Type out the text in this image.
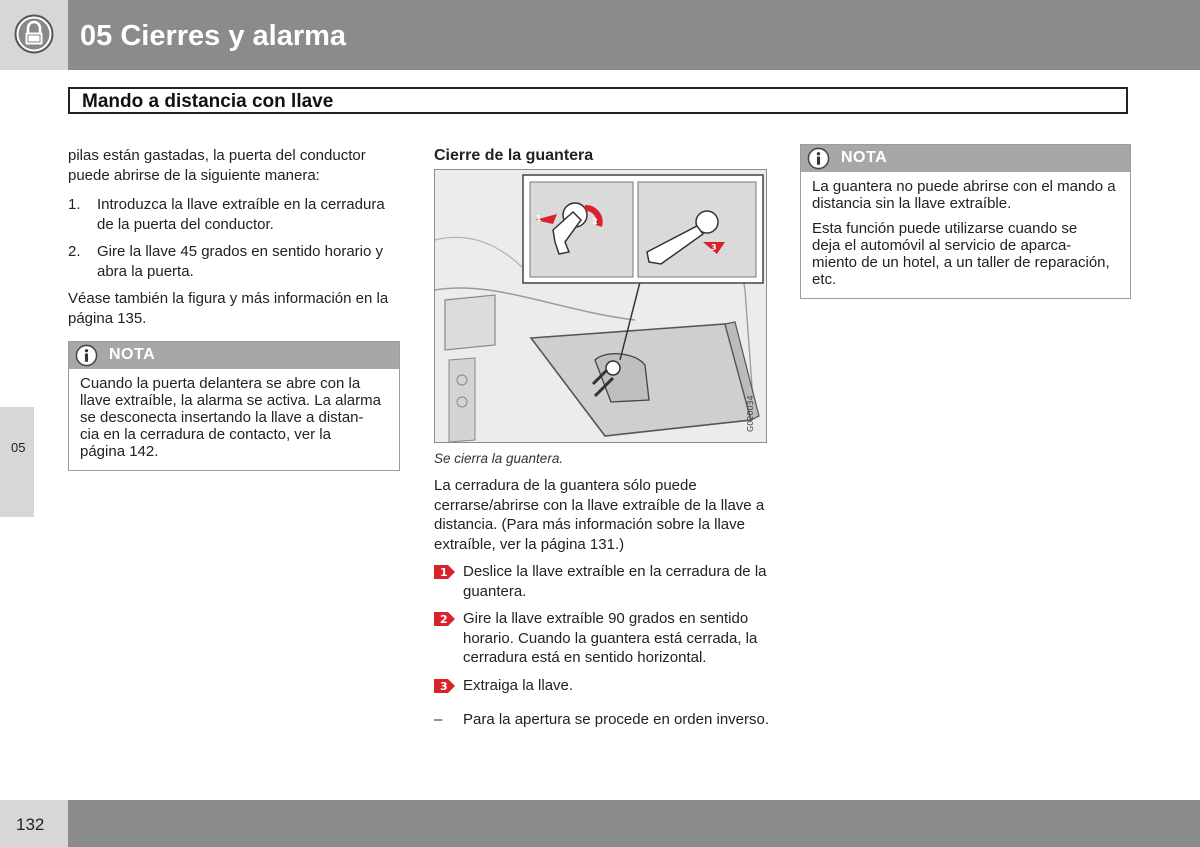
05 Cierres y alarma
Mando a distancia con llave
05

pilas están gastadas, la puerta del conductor puede abrirse de la siguiente manera:

1.	Introduzca la llave extraíble en la cerradura de la puerta del conductor.
2.	Gire la llave 45 grados en sentido horario y abra la puerta.

Véase también la figura y más información en la página 135.

NOTA
Cuando la puerta delantera se abre con la
llave extraíble, la alarma se activa. La alarma
se desconecta insertando la llave a distan-
cia en la cerradura de contacto, ver la
página 142.
Cierre de la guantera
1	2
3
G020034
Se cierra la guantera.

La cerradura de la guantera sólo puede cerrarse/abrirse con la llave extraíble de la llave a distancia. (Para más información sobre la llave extraíble, ver la página 131.)

1 Deslice la llave extraíble en la cerradura de la guantera.
2 Gire la llave extraíble 90 grados en sentido horario. Cuando la guantera está cerrada, la cerradura está en sentido horizontal.
3 Extraiga la llave.
–	Para la apertura se procede en orden inverso.
NOTA

La guantera no puede abrirse con el mando a distancia sin la llave extraíble.

Esta función puede utilizarse cuando se
deja el automóvil al servicio de aparca-
miento de un hotel, a un taller de reparación,
etc.

132
